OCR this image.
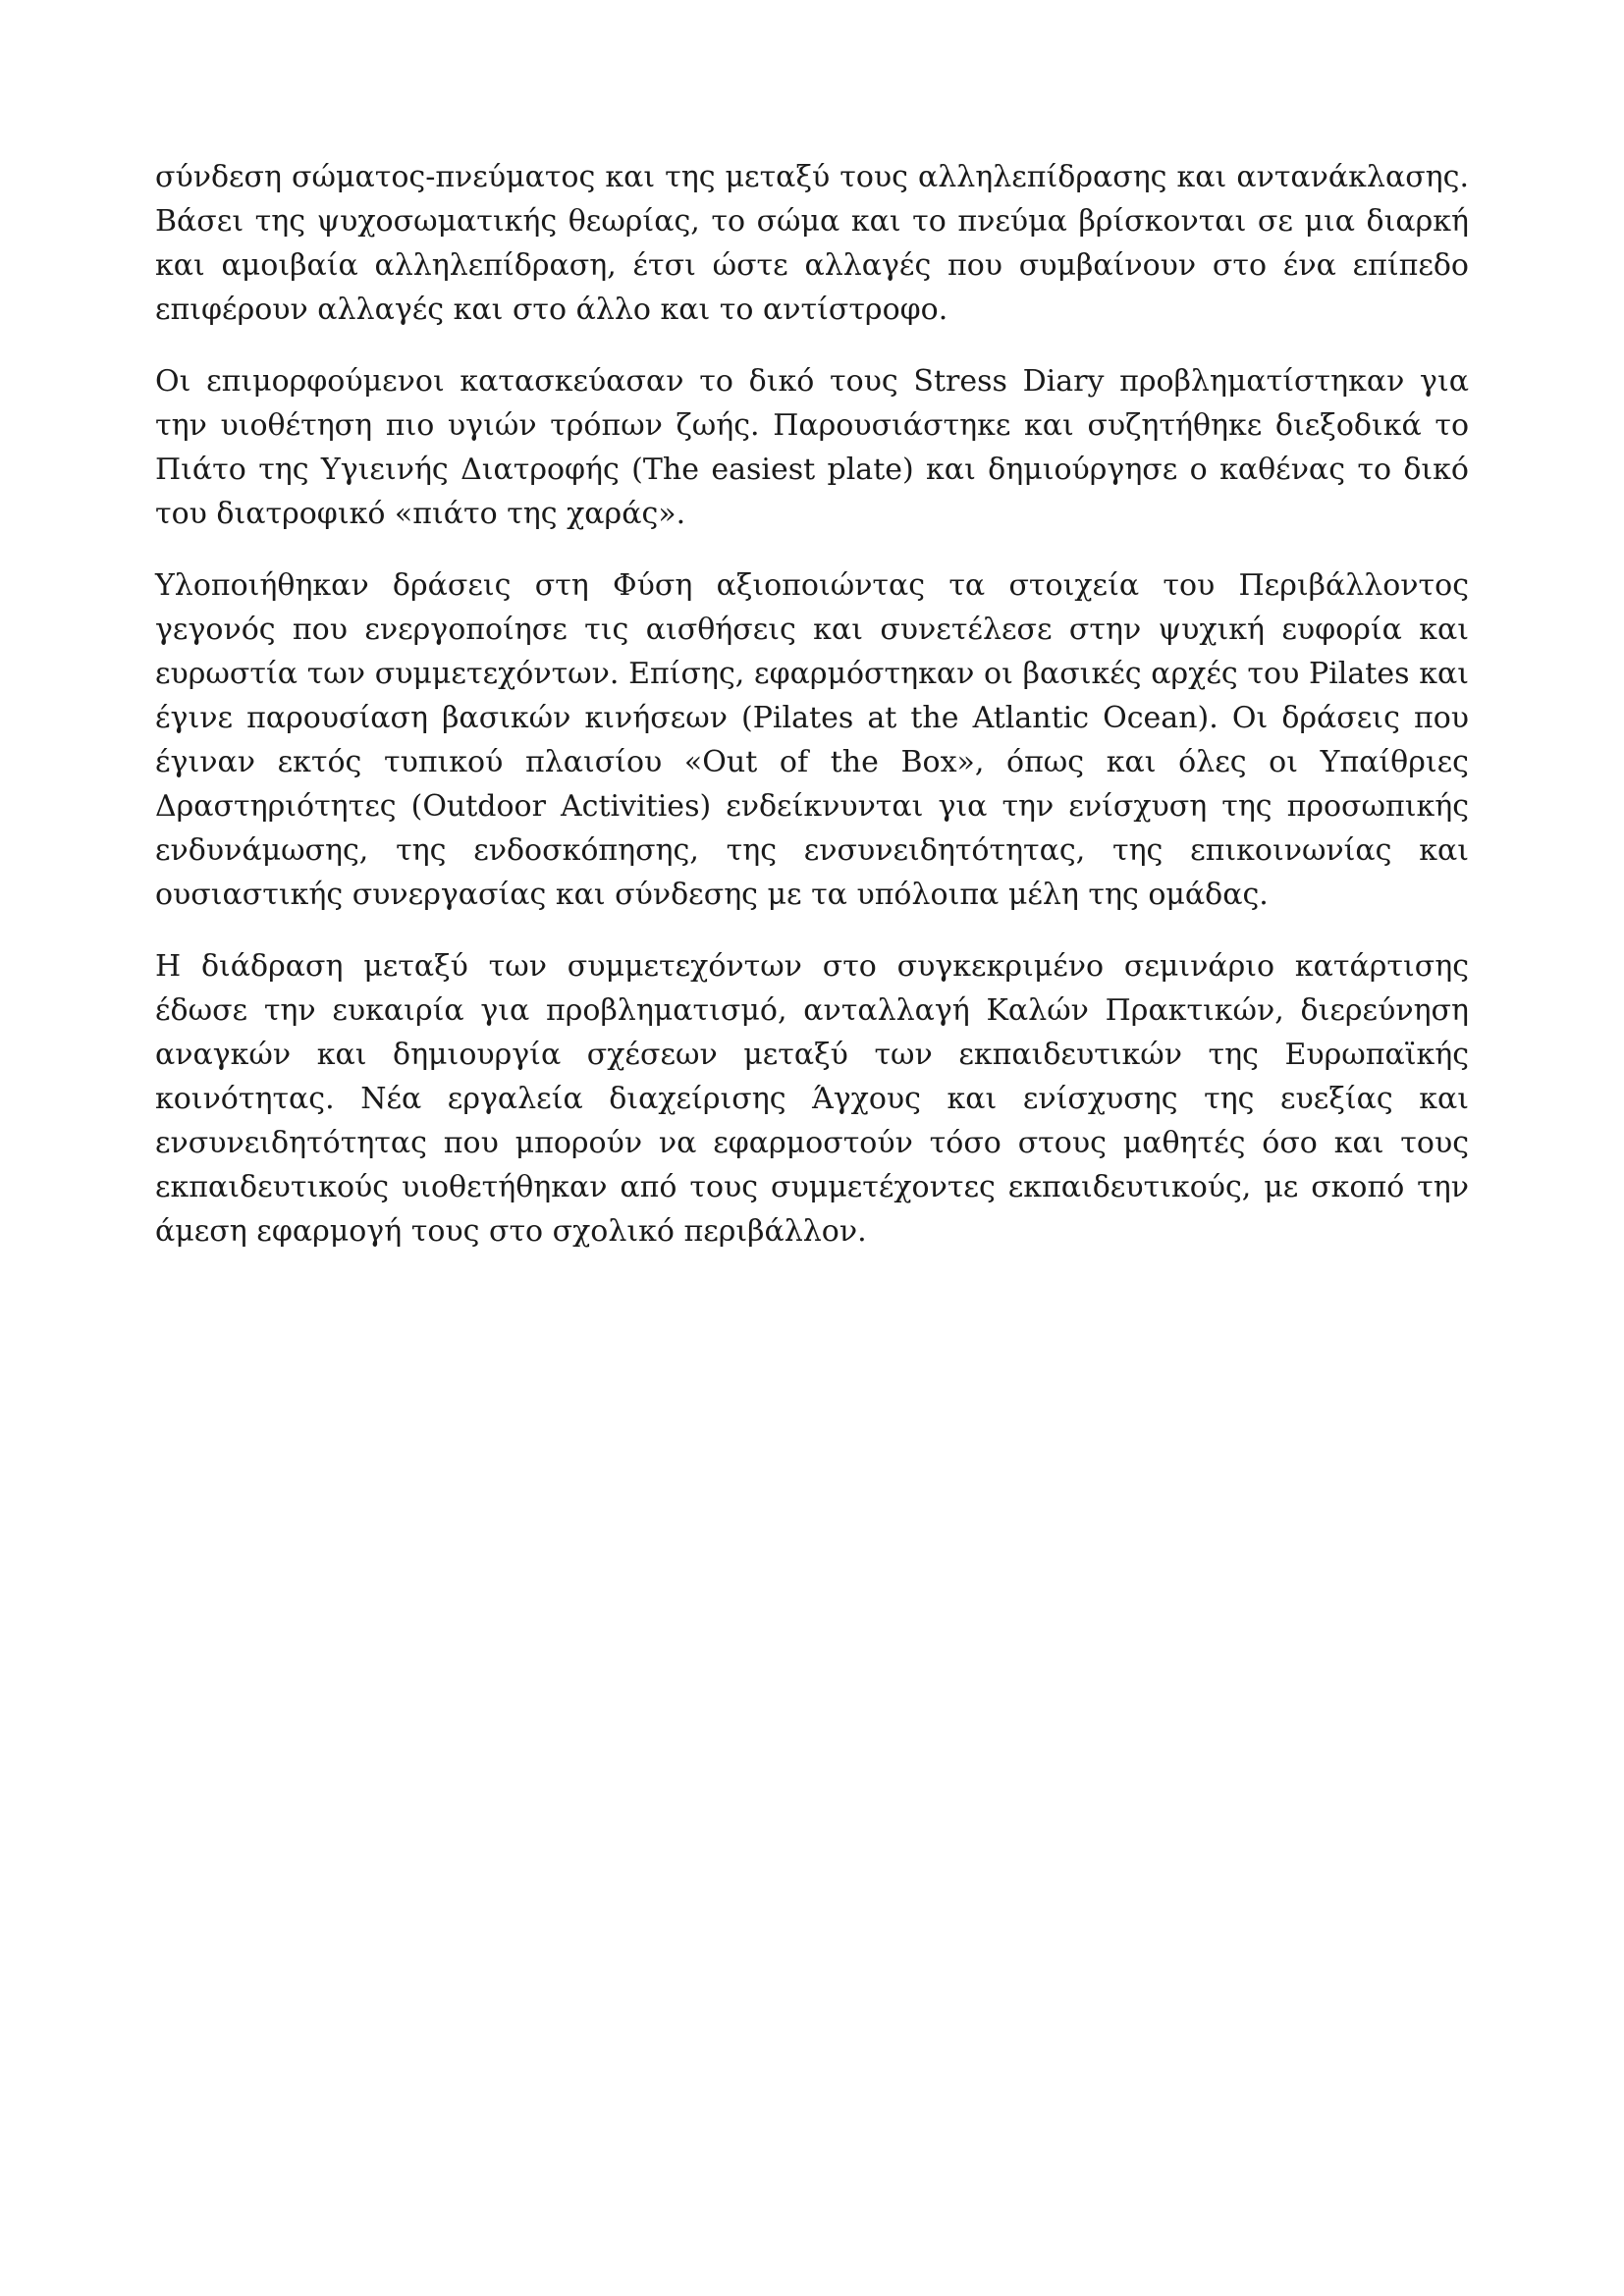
σύνδεση σώματος-πνεύματος και της μεταξύ τους αλληλεπίδρασης και αντανάκλασης. Βάσει της ψυχοσωματικής θεωρίας, το σώμα και το πνεύμα βρίσκονται σε μια διαρκή και αμοιβαία αλληλεπίδραση, έτσι ώστε αλλαγές που συμβαίνουν στο ένα επίπεδο επιφέρουν αλλαγές και στο άλλο και το αντίστροφο.

Οι επιμορφούμενοι κατασκεύασαν το δικό τους Stress Diary προβληματίστηκαν για την υιοθέτηση πιο υγιών τρόπων ζωής. Παρουσιάστηκε και συζητήθηκε διεξοδικά το Πιάτο της Υγιεινής Διατροφής (The easiest plate) και δημιούργησε ο καθένας το δικό του διατροφικό «πιάτο της χαράς».

Υλοποιήθηκαν δράσεις στη Φύση αξιοποιώντας τα στοιχεία του Περιβάλλοντος γεγονός που ενεργοποίησε τις αισθήσεις και συνετέλεσε στην ψυχική ευφορία και ευρωστία των συμμετεχόντων. Επίσης, εφαρμόστηκαν οι βασικές αρχές του Pilates και έγινε παρουσίαση βασικών κινήσεων (Pilates at the Atlantic Ocean). Οι δράσεις που έγιναν εκτός τυπικού πλαισίου «Out of the Box», όπως και όλες οι Υπαίθριες Δραστηριότητες (Outdoor Activities) ενδείκνυνται για την ενίσχυση της προσωπικής ενδυνάμωσης, της ενδοσκόπησης, της ενσυνειδητότητας, της επικοινωνίας και ουσιαστικής συνεργασίας και σύνδεσης με τα υπόλοιπα μέλη της ομάδας.

Η διάδραση μεταξύ των συμμετεχόντων στο συγκεκριμένο σεμινάριο κατάρτισης έδωσε την ευκαιρία για προβληματισμό, ανταλλαγή Καλών Πρακτικών, διερεύνηση αναγκών και δημιουργία σχέσεων μεταξύ των εκπαιδευτικών της Ευρωπαϊκής κοινότητας. Νέα εργαλεία διαχείρισης Άγχους και ενίσχυσης της ευεξίας και ενσυνειδητότητας που μπορούν να εφαρμοστούν τόσο στους μαθητές όσο και τους εκπαιδευτικούς υιοθετήθηκαν από τους συμμετέχοντες εκπαιδευτικούς, με σκοπό την άμεση εφαρμογή τους στο σχολικό περιβάλλον.
